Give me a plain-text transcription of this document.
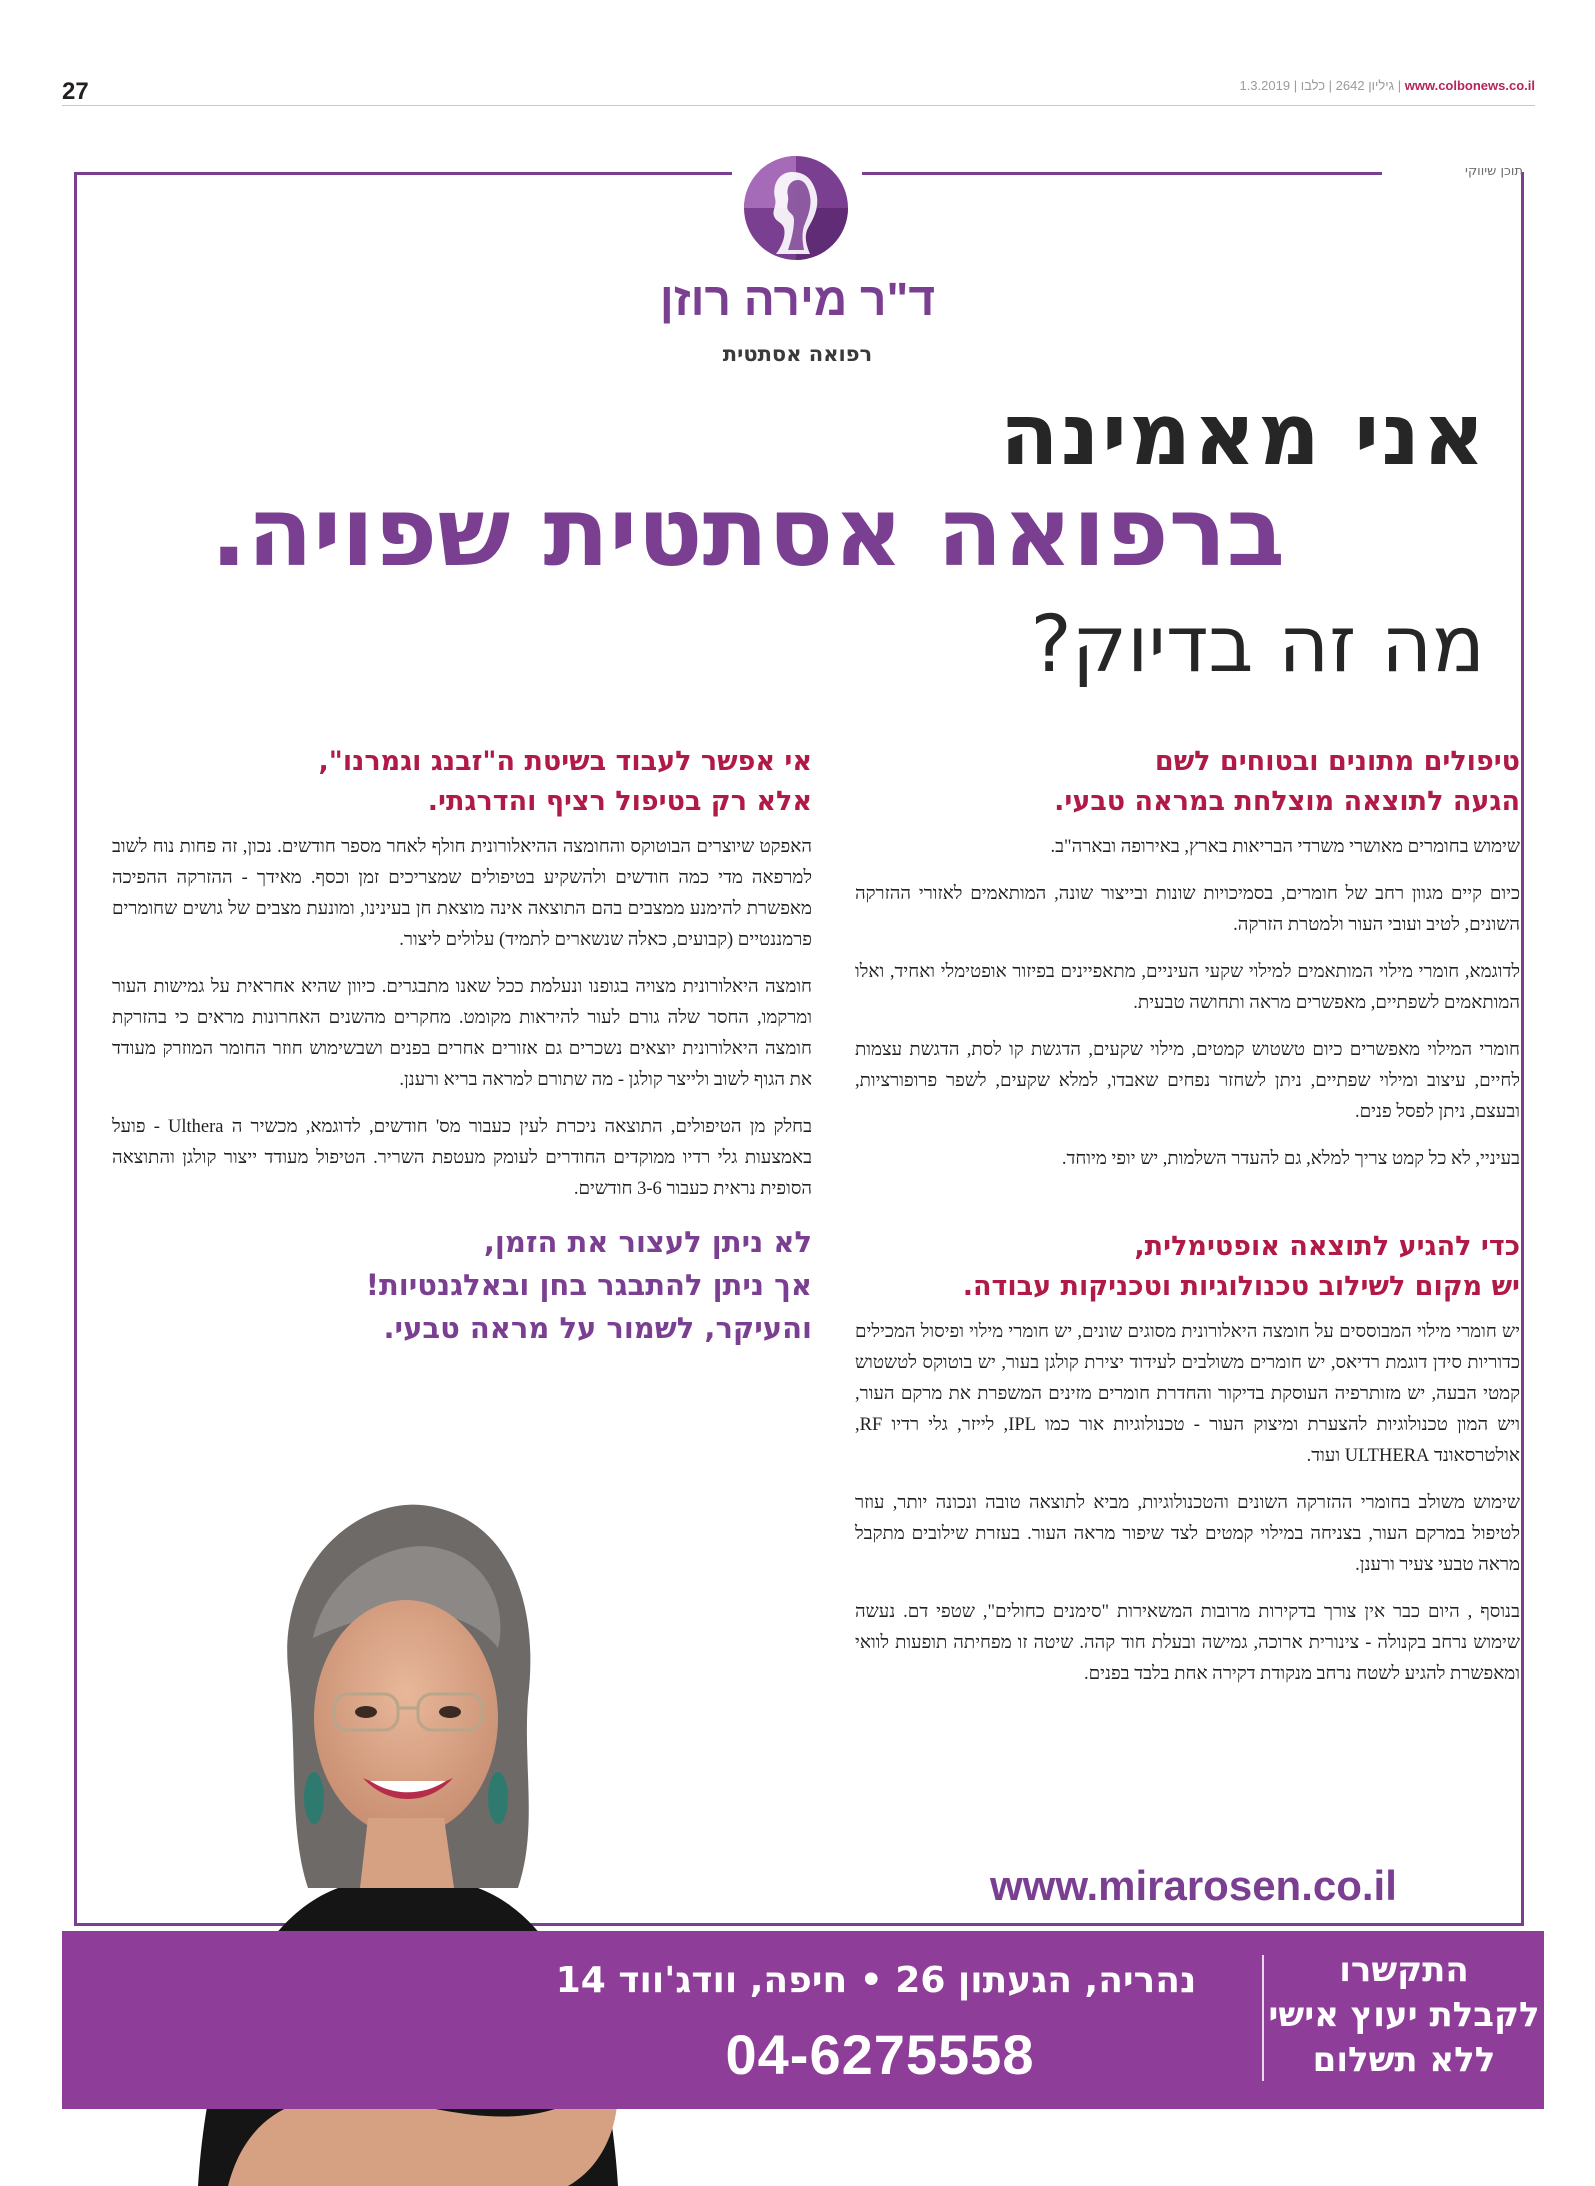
27	1.3.2019 |	גיליון 2642 | כלבו	| www.colbonews.co.il
תוכן שיווקי
ד"ר מירה רוזן
רפואה אסתטית
אני מאמינה
ברפואה אסתטית שפויה.
מה זה בדיוק?
טיפולים מתונים ובטוחים לשם
הגעה לתוצאה מוצלחת במראה טבעי.

שימוש בחומרים מאושרי משרדי הבריאות בארץ, באירופה ובארה"ב.

כיום קיים מגוון רחב של חומרים, בסמיכויות שונות ובייצור שונה, המותאמים לאזורי ההזרקה השונים, לטיב ועובי העור ולמטרת הזרקה.

לדוגמא, חומרי מילוי המותאמים למילוי שקעי העיניים, מתאפיינים בפיזור אופטימלי ואחיד, ואלו המותאמים לשפתיים, מאפשרים מראה ותחושה טבעית.

חומרי המילוי מאפשרים כיום טשטוש קמטים, מילוי שקעים, הדגשת קו לסת, הדגשת עצמות לחיים, עיצוב ומילוי שפתיים, ניתן לשחזר נפחים שאבדו, למלא שקעים, לשפר פרופורציות, ובעצם, ניתן לפסל פנים.

בעיניי, לא כל קמט צריך למלא, גם להעדר השלמות, יש יופי מיוחד.

כדי להגיע לתוצאה אופטימלית,
יש מקום לשילוב טכנולוגיות וטכניקות עבודה.

יש חומרי מילוי המבוססים על חומצה היאלורונית מסוגים שונים, יש חומרי מילוי ופיסול המכילים כדוריות סידן דוגמת רדיאס, יש חומרים משולבים לעידוד יצירת קולגן בעור, יש בוטוקס לטשטוש קמטי הבעה, יש מזותרפיה העוסקת בדיקור והחדרת חומרים מזינים המשפרת את מרקם העור, ויש המון טכנולוגיות להצערת ומיצוק העור - טכנולוגיות אור כמו IPL, לייזר, גלי רדיו RF, אולטרסאונד ULTHERA ועוד.

שימוש משולב בחומרי ההזרקה השונים והטכנולוגיות, מביא לתוצאה טובה ונכונה יותר, עוזר לטיפול במרקם העור, בצניחה במילוי קמטים לצד שיפור מראה העור. בעזרת שילובים מתקבל מראה טבעי צעיר ורענן.

בנוסף , היום כבר אין צורך בדקירות מרובות המשאירות "סימנים כחולים", שטפי דם. נעשה שימוש נרחב בקנולה - צינורית ארוכה, גמישה ובעלת חוד קהה. שיטה זו מפחיתה תופעות לוואי ומאפשרת להגיע לשטח נרחב מנקודת דקירה אחת בלבד בפנים.

אי אפשר לעבוד בשיטת ה"זבנג וגמרנו",
אלא רק בטיפול רציף והדרגתי.

האפקט שיוצרים הבוטוקס והחומצה ההיאלורונית חולף לאחר מספר חודשים. נכון, זה פחות נוח לשוב למרפאה מדי כמה חודשים ולהשקיע בטיפולים שמצריכים זמן וכסף. מאידך - ההזרקה ההפיכה מאפשרת להימנע ממצבים בהם התוצאה אינה מוצאת חן בעינינו, ומונעת מצבים של גושים שחומרים פרמננטיים (קבועים, כאלה שנשארים לתמיד) עלולים ליצור.

חומצה היאלורונית מצויה בגופנו ונעלמת ככל שאנו מתבגרים. כיוון שהיא אחראית על גמישות העור ומרקמו, החסר שלה גורם לעור להיראות מקומט. מחקרים מהשנים האחרונות מראים כי בהזרקת חומצה היאלורונית יוצאים נשכרים גם אזורים אחרים בפנים ושבשימוש חוזר החומר המוזרק מעודד את הגוף לשוב ולייצר קולגן - מה שתורם למראה בריא ורענן.

בחלק מן הטיפולים, התוצאה ניכרת לעין כעבור מס' חודשים, לדוגמא, מכשיר ה Ulthera - פועל באמצעות גלי רדיו ממוקדים החודרים לעומק מעטפת השריר. הטיפול מעודד ייצור קולגן והתוצאה הסופית נראית כעבור 3-6 חודשים.

לא ניתן לעצור את הזמן,
אך ניתן להתבגר בחן ובאלגנטיות!
והעיקר, לשמור על מראה טבעי.
www.mirarosen.co.il
התקשרו
לקבלת יעוץ אישי
ללא תשלום
נהריה, הגעתון 26 • חיפה, וודג'ווד 14
04-6275558
